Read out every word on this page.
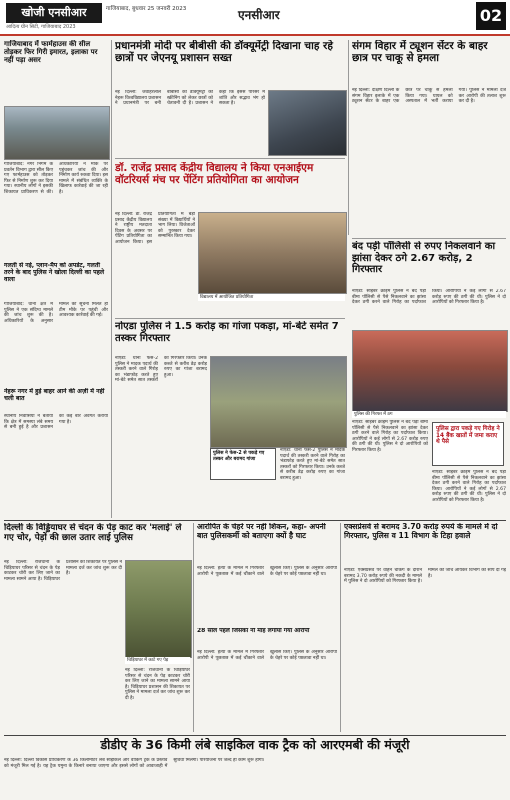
खोजी एनसीआर	गाजियाबाद, बुधवार 25 जनवरी 2023
आदित्य ग्रीन सिटी, गाजियाबाद 2023
एनसीआर	02
गाजियाबाद में फार्महाउस की सील तोड़कर फिर गिरी इमारत, इलाका पर नहीं पड़ा असर
गाजियाबाद: नगर निगम के प्रवर्तन विभाग द्वारा सील किए गए फार्महाउस को तोड़कर फिर से निर्माण शुरू कर दिया गया। स्थानीय लोगों ने इसकी शिकायत प्राधिकरण से की। अधिकारियों ने मौके पर पहुंचकर जांच की और निर्माण कार्य रुकवा दिया। इस मामले में संबंधित व्यक्ति के खिलाफ कार्रवाई की जा रही है।
गलती से नई, प्लान-मैप को अपडेट, गलती तरने के बाद पुलिस ने खोला दिल्ली का पहले वाला
गाजियाबाद: थाना क्षेत्र में पुलिस ने एक संदिग्ध मामले की जांच शुरू की है। अधिकारियों के अनुसार मामले की सूचना मिलते ही टीम मौके पर पहुंची और आवश्यक कार्रवाई की गई।
नेहरू नगर में हुई बाहर आने की अर्ज़ी में नहीं चली बात
स्थानीय निवासियों ने बताया कि क्षेत्र में समस्या लंबे समय से बनी हुई है और प्रशासन को कई बार अवगत कराया गया है।
प्रधानमंत्री मोदी पर बीबीसी की डॉक्यूमेंट्री दिखाना चाह रहे छात्रों पर जेएनयू प्रशासन सख्त
नई दिल्ली: जवाहरलाल नेहरू विश्वविद्यालय प्रशासन ने प्रधानमंत्री पर बनी बीबीसी की डॉक्यूमेंट्री की स्क्रीनिंग को लेकर छात्रों को चेतावनी दी है। प्रशासन ने कहा कि इससे परिसर में शांति और सद्भाव भंग हो सकता है।
संगम विहार में ट्यूशन सेंटर के बाहर छात्र पर चाकू से हमला
नई दिल्ली: दक्षिण दिल्ली के संगम विहार इलाके में एक ट्यूशन सेंटर के बाहर एक छात्र पर चाकू से हमला किया गया। घायल को अस्पताल में भर्ती कराया गया। पुलिस ने मामला दर्ज कर आरोपी की तलाश शुरू कर दी है।
डॉ. राजेंद्र प्रसाद केंद्रीय विद्यालय ने किया एनआईएम वॉटरियर्स मंच पर पेंटिंग प्रतियोगिता का आयोजन
नई दिल्ली: डॉ. राजेंद्र प्रसाद केंद्रीय विद्यालय ने राष्ट्रीय मतदाता दिवस के अवसर पर पेंटिंग प्रतियोगिता का आयोजन किया। इस प्रतियोगिता में बड़ी संख्या में विद्यार्थियों ने भाग लिया। विजेताओं को पुरस्कार देकर सम्मानित किया गया।
विद्यालय में आयोजित प्रतियोगिता
बंद पड़ी पॉलिसी से रुपए निकलवाने का झांसा देकर ठगे 2.67 करोड़, 2 गिरफ्तार
नोएडा: साइबर क्राइम पुलिस ने बंद पड़ी बीमा पॉलिसी से पैसे निकलवाने का झांसा देकर ठगी करने वाले गिरोह का पर्दाफाश किया। आरोपियों ने कई लोगों से 2.67 करोड़ रुपए की ठगी की थी। पुलिस ने दो आरोपियों को गिरफ्तार किया है।
पुलिस की गिरफ्त में ठग
नोएडा: साइबर क्राइम पुलिस ने बंद पड़ी बीमा पॉलिसी से पैसे निकलवाने का झांसा देकर ठगी करने वाले गिरोह का पर्दाफाश किया। आरोपियों ने कई लोगों से 2.67 करोड़ रुपए की ठगी की थी। पुलिस ने दो आरोपियों को गिरफ्तार किया है।
पुलिस द्वारा पकड़े गए गिरोह ने 14 बैंक खातों में जमा कराए थे पैसे
नोएडा: साइबर क्राइम पुलिस ने बंद पड़ी बीमा पॉलिसी से पैसे निकलवाने का झांसा देकर ठगी करने वाले गिरोह का पर्दाफाश किया। आरोपियों ने कई लोगों से 2.67 करोड़ रुपए की ठगी की थी। पुलिस ने दो आरोपियों को गिरफ्तार किया है।
नोएडा पुलिस ने 1.5 करोड़ का गांजा पकड़ा, मां-बेटे समेत 7 तस्कर गिरफ्तार
नोएडा: थाना फेस-2 पुलिस ने मादक पदार्थ की तस्करी करने वाले गिरोह का भंडाफोड़ करते हुए मां-बेटे समेत सात तस्करों को गिरफ्तार किया। उनके कब्जे से करीब डेढ़ करोड़ रुपए का गांजा बरामद हुआ।
पुलिस ने फेस-2 से पकड़े गए तस्कर और बरामद गांजा
नोएडा: थाना फेस-2 पुलिस ने मादक पदार्थ की तस्करी करने वाले गिरोह का भंडाफोड़ करते हुए मां-बेटे समेत सात तस्करों को गिरफ्तार किया। उनके कब्जे से करीब डेढ़ करोड़ रुपए का गांजा बरामद हुआ।
दिल्ली के विड्डियाघर से चंदन के पेड़ काट कर 'मलाई' ले गए चोर, पेड़ों की छाल उतार लाई पुलिस
नई दिल्ली: राजधानी के चिड़ियाघर परिसर से चंदन के पेड़ काटकर चोरी कर लिए जाने का मामला सामने आया है। चिड़ियाघर प्रशासन की शिकायत पर पुलिस ने मामला दर्ज कर जांच शुरू कर दी है।
चिड़ियाघर में काटे गए पेड़
नई दिल्ली: राजधानी के चिड़ियाघर परिसर से चंदन के पेड़ काटकर चोरी कर लिए जाने का मामला सामने आया है। चिड़ियाघर प्रशासन की शिकायत पर पुलिस ने मामला दर्ज कर जांच शुरू कर दी है।
आरोपित के चेहरे पर नहीं शिकन, कहा- अपनी बात पुलिसकर्मी को बताएगा क्यों है घाट
नई दिल्ली: हत्या के मामले में गिरफ्तार आरोपी ने पूछताछ में कई चौंकाने वाले खुलासे किए। पुलिस के अनुसार आरोपी के चेहरे पर कोई पछतावा नहीं था।
28 साल पहले जिसका नौ माह लगाया गया आरोपी
नई दिल्ली: हत्या के मामले में गिरफ्तार आरोपी ने पूछताछ में कई चौंकाने वाले खुलासे किए। पुलिस के अनुसार आरोपी के चेहरे पर कोई पछतावा नहीं था।
एक्सप्रेसवे से बरामद 3.70 करोड़ रुपये के मामले में दो गिरफ्तार, पुलिस व 11 विभाग के टिहा हवाले
नोएडा: एक्सप्रेसवे पर वाहन चेकिंग के दौरान बरामद 3.70 करोड़ रुपये की नकदी के मामले में पुलिस ने दो आरोपियों को गिरफ्तार किया है। मामले की जांच आयकर विभाग को सौंप दी गई है।
डीडीए के 36 किमी लंबे साइकिल वाक ट्रैक को आरएमबी की मंजूरी
नई दिल्ली: दिल्ली विकास प्राधिकरण के 36 किलोमीटर लंबे साइकिल और वॉकिंग ट्रैक के प्रस्ताव को मंजूरी मिल गई है। यह ट्रैक यमुना के किनारे बनाया जाएगा और इससे लोगों को आवाजाही में सुविधा मिलेगी। परियोजना पर जल्द ही काम शुरू होगा।
